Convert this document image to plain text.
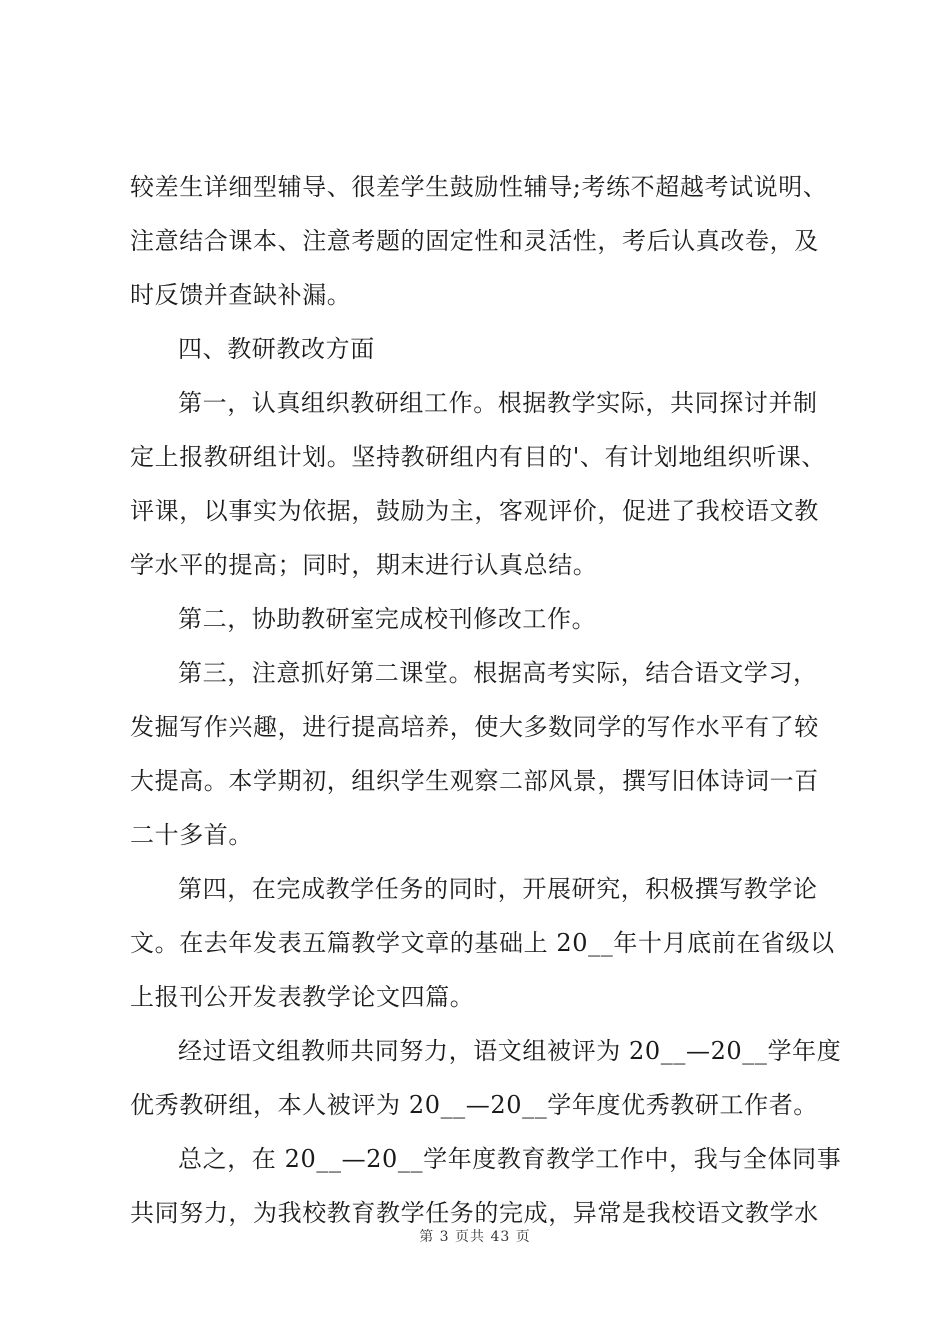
较差生详细型辅导、很差学生鼓励性辅导;考练不超越考试说明、
注意结合课本、注意考题的固定性和灵活性，考后认真改卷，及
时反馈并查缺补漏。
四、教研教改方面
第一，认真组织教研组工作。根据教学实际，共同探讨并制
定上报教研组计划。坚持教研组内有目的'、有计划地组织听课、
评课，以事实为依据，鼓励为主，客观评价，促进了我校语文教
学水平的提高；同时，期末进行认真总结。
第二，协助教研室完成校刊修改工作。
第三，注意抓好第二课堂。根据高考实际，结合语文学习，
发掘写作兴趣，进行提高培养，使大多数同学的写作水平有了较
大提高。本学期初，组织学生观察二部风景，撰写旧体诗词一百
二十多首。
第四，在完成教学任务的同时，开展研究，积极撰写教学论
文。在去年发表五篇教学文章的基础上 20__年十月底前在省级以
上报刊公开发表教学论文四篇。
经过语文组教师共同努力，语文组被评为 20__—20__学年度
优秀教研组，本人被评为 20__—20__学年度优秀教研工作者。
总之，在 20__—20__学年度教育教学工作中，我与全体同事
共同努力，为我校教育教学任务的完成，异常是我校语文教学水
第 3 页共 43 页
